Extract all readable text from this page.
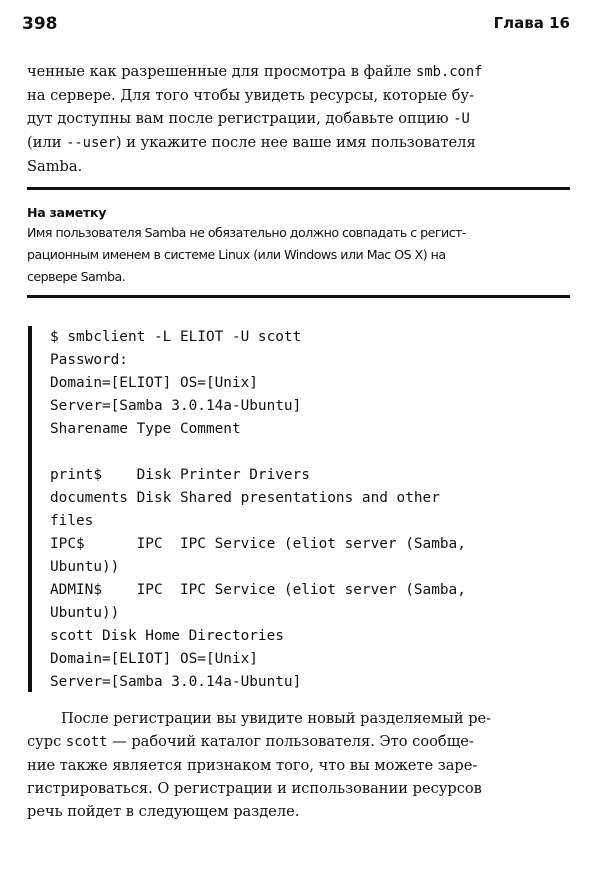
398	Глава 16
ченные как разрешенные для просмотра в файле smb.conf
на сервере. Для того чтобы увидеть ресурсы, которые бу-
дут доступны вам после регистрации, добавьте опцию -U
(или --user) и укажите после нее ваше имя пользователя
Samba.
На заметку
Имя пользователя Samba не обязательно должно совпадать с регист-
рационным именем в системе Linux (или Windows или Mac OS X) на
сервере Samba.
$ smbclient -L ELIOT -U scott
Password:
Domain=[ELIOT] OS=[Unix]
Server=[Samba 3.0.14a-Ubuntu]
Sharename Type Comment
print$    Disk Printer Drivers
documents Disk Shared presentations and other
files
IPC$      IPC  IPC Service (eliot server (Samba,
Ubuntu))
ADMIN$    IPC  IPC Service (eliot server (Samba,
Ubuntu))
scott Disk Home Directories
Domain=[ELIOT] OS=[Unix]
Server=[Samba 3.0.14a-Ubuntu]
После регистрации вы увидите новый разделяемый ре-
сурс scott — рабочий каталог пользователя. Это сообще-
ние также является признаком того, что вы можете заре-
гистрироваться. О регистрации и использовании ресурсов
речь пойдет в следующем разделе.
